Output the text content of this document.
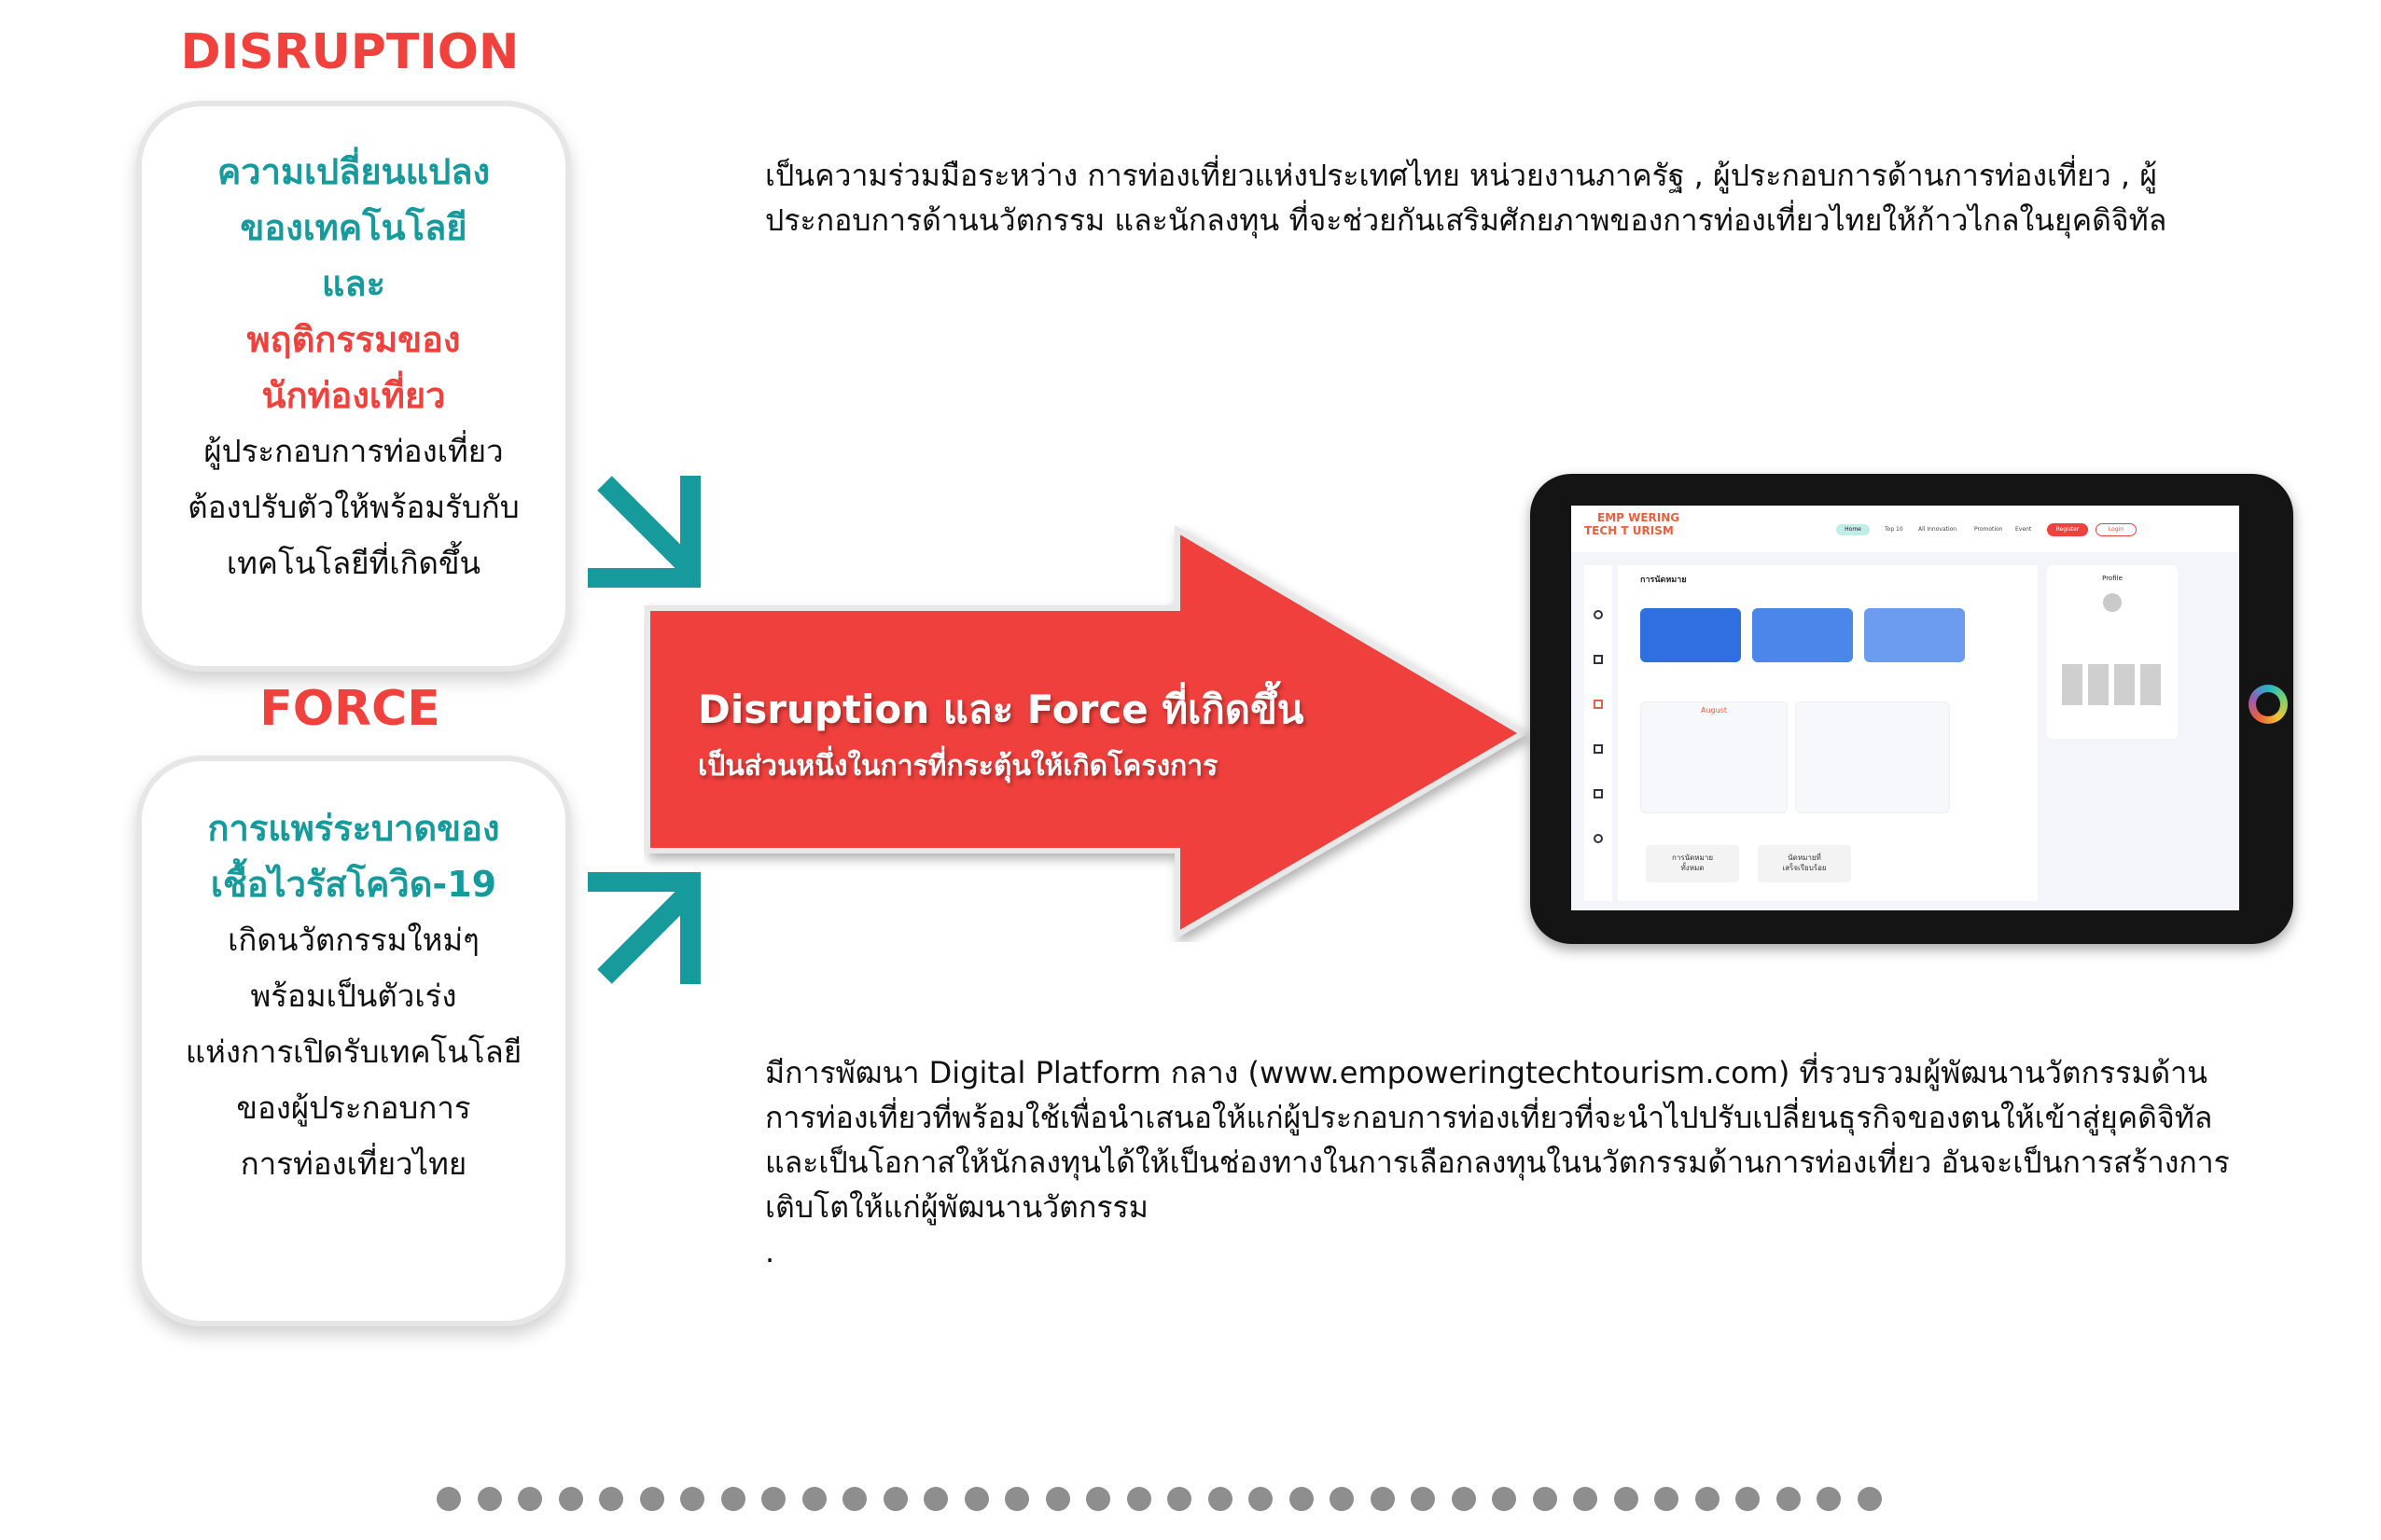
DISRUPTION
ความเปลี่ยนแปลง
ของเทคโนโลยี
และ
พฤติกรรมของ
นักท่องเที่ยว
ผู้ประกอบการท่องเที่ยว
ต้องปรับตัวให้พร้อมรับกับ
เทคโนโลยีที่เกิดขึ้น
FORCE
การแพร่ระบาดของ
เชื้อไวรัสโควิด-19
เกิดนวัตกรรมใหม่ๆ
พร้อมเป็นตัวเร่ง
แห่งการเปิดรับเทคโนโลยี
ของผู้ประกอบการ
การท่องเที่ยวไทย
Disruption และ Force ที่เกิดขึ้น
เป็นส่วนหนึ่งในการที่กระตุ้นให้เกิดโครงการ
เป็นความร่วมมือระหว่าง การท่องเที่ยวแห่งประเทศไทย หน่วยงานภาครัฐ , ผู้ประกอบการด้านการท่องเที่ยว , ผู้
ประกอบการด้านนวัตกรรม และนักลงทุน ที่จะช่วยกันเสริมศักยภาพของการท่องเที่ยวไทยให้ก้าวไกลในยุคดิจิทัล
มีการพัฒนา Digital Platform กลาง (www.empoweringtechtourism.com) ที่รวบรวมผู้พัฒนานวัตกรรมด้าน
การท่องเที่ยวที่พร้อมใช้เพื่อนำเสนอให้แก่ผู้ประกอบการท่องเที่ยวที่จะนำไปปรับเปลี่ยนธุรกิจของตนให้เข้าสู่ยุคดิจิทัล
และเป็นโอกาสให้นักลงทุนได้ให้เป็นช่องทางในการเลือกลงทุนในนวัตกรรมด้านการท่องเที่ยว อันจะเป็นการสร้างการ
เติบโตให้แก่ผู้พัฒนานวัตกรรม
.
EMP WERING
TECH T URISM	Home	Top 10	All Innovation	Promotion Event	Register	Login
การนัดหมาย
August
การนัดหมาย
ทั้งหมด
นัดหมายที่
เสร็จเรียบร้อย
Profile
